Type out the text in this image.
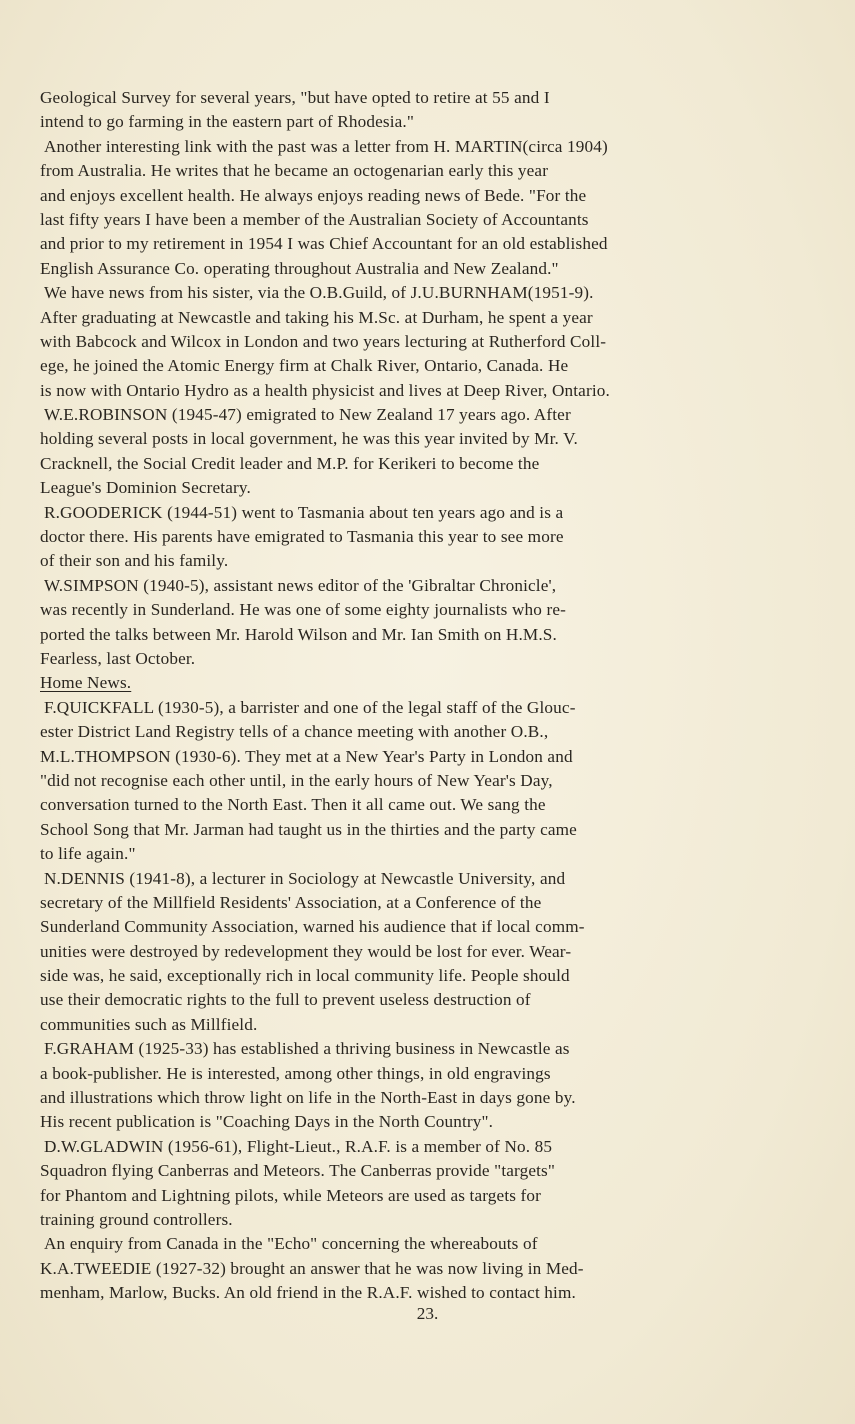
Geological Survey for several years, "but have opted to retire at 55 and I
intend to go farming in the eastern part of Rhodesia."
Another interesting link with the past was a letter from H. MARTIN(circa 1904)
from Australia. He writes that he became an octogenarian early this year
and enjoys excellent health. He always enjoys reading news of Bede. "For the
last fifty years I have been a member of the Australian Society of Accountants
and prior to my retirement in 1954 I was Chief Accountant for an old established
English Assurance Co. operating throughout Australia and New Zealand."
We have news from his sister, via the O.B.Guild, of J.U.BURNHAM(1951-9).
After graduating at Newcastle and taking his M.Sc. at Durham, he spent a year
with Babcock and Wilcox in London and two years lecturing at Rutherford Coll-
ege, he joined the Atomic Energy firm at Chalk River, Ontario, Canada. He
is now with Ontario Hydro as a health physicist and lives at Deep River, Ontario.
W.E.ROBINSON (1945-47) emigrated to New Zealand 17 years ago. After
holding several posts in local government, he was this year invited by Mr. V.
Cracknell, the Social Credit leader and M.P. for Kerikeri to become the
League's Dominion Secretary.
R.GOODERICK (1944-51) went to Tasmania about ten years ago and is a
doctor there. His parents have emigrated to Tasmania this year to see more
of their son and his family.
W.SIMPSON (1940-5), assistant news editor of the 'Gibraltar Chronicle',
was recently in Sunderland. He was one of some eighty journalists who re-
ported the talks between Mr. Harold Wilson and Mr. Ian Smith on H.M.S.
Fearless, last October.
Home News.
F.QUICKFALL (1930-5), a barrister and one of the legal staff of the Glouc-
ester District Land Registry tells of a chance meeting with another O.B.,
M.L.THOMPSON (1930-6). They met at a New Year's Party in London and
"did not recognise each other until, in the early hours of New Year's Day,
conversation turned to the North East. Then it all came out. We sang the
School Song that Mr. Jarman had taught us in the thirties and the party came
to life again."
N.DENNIS (1941-8), a lecturer in Sociology at Newcastle University, and
secretary of the Millfield Residents' Association, at a Conference of the
Sunderland Community Association, warned his audience that if local comm-
unities were destroyed by redevelopment they would be lost for ever. Wear-
side was, he said, exceptionally rich in local community life. People should
use their democratic rights to the full to prevent useless destruction of
communities such as Millfield.
F.GRAHAM (1925-33) has established a thriving business in Newcastle as
a book-publisher. He is interested, among other things, in old engravings
and illustrations which throw light on life in the North-East in days gone by.
His recent publication is "Coaching Days in the North Country".
D.W.GLADWIN (1956-61), Flight-Lieut., R.A.F. is a member of No. 85
Squadron flying Canberras and Meteors. The Canberras provide "targets"
for Phantom and Lightning pilots, while Meteors are used as targets for
training ground controllers.
An enquiry from Canada in the "Echo" concerning the whereabouts of
K.A.TWEEDIE (1927-32) brought an answer that he was now living in Med-
menham, Marlow, Bucks. An old friend in the R.A.F. wished to contact him.
23.
